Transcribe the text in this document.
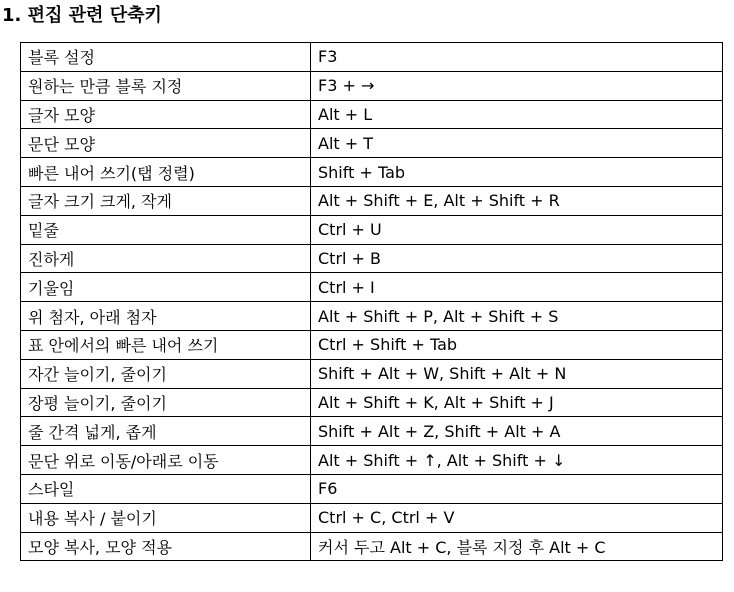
1. 편집 관련 단축키
블록 설정	F3
원하는 만큼 블록 지정	F3 + →
글자 모양	Alt + L
문단 모양	Alt + T
빠른 내어 쓰기(탭 정렬)	Shift + Tab
글자 크기 크게, 작게	Alt + Shift + E, Alt + Shift + R
밑줄	Ctrl + U
진하게	Ctrl + B
기울임	Ctrl + I
위 첨자, 아래 첨자	Alt + Shift + P, Alt + Shift + S
표 안에서의 빠른 내어 쓰기	Ctrl + Shift + Tab
자간 늘이기, 줄이기	Shift + Alt + W, Shift + Alt + N
장평 늘이기, 줄이기	Alt + Shift + K, Alt + Shift + J
줄 간격 넓게, 좁게	Shift + Alt + Z, Shift + Alt + A
문단 위로 이동/아래로 이동	Alt + Shift + ↑, Alt + Shift + ↓
스타일	F6
내용 복사 / 붙이기	Ctrl + C, Ctrl + V
모양 복사, 모양 적용	커서 두고 Alt + C, 블록 지정 후 Alt + C
